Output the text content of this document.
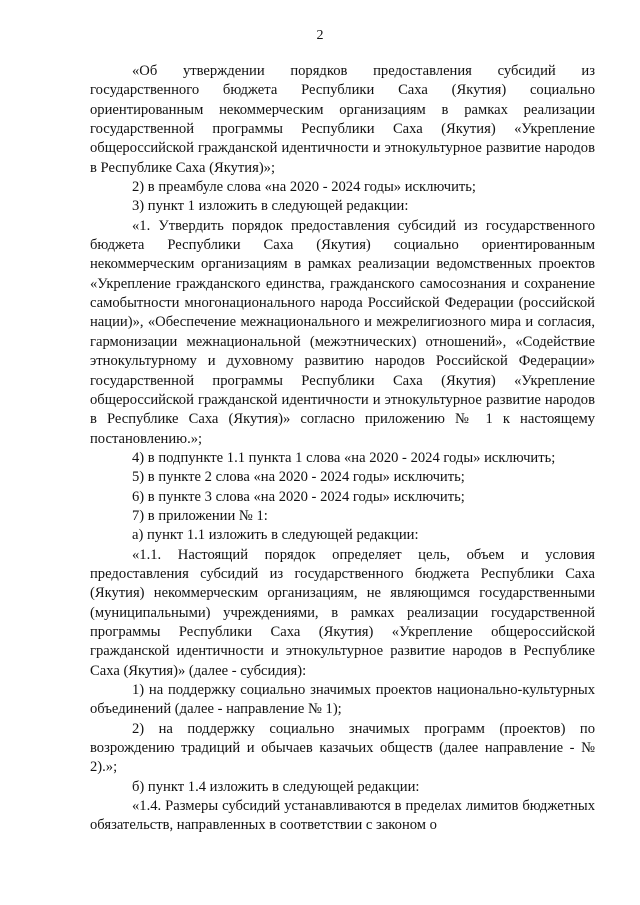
2

«Об утверждении порядков предоставления субсидий из государственного бюджета Республики Саха (Якутия) социально ориентированным некоммерческим организациям в рамках реализации государственной программы Республики Саха (Якутия) «Укрепление общероссийской гражданской идентичности и этнокультурное развитие народов в Республике Саха (Якутия)»;

2) в преамбуле слова «на 2020 - 2024 годы» исключить;

3) пункт 1 изложить в следующей редакции:

«1. Утвердить порядок предоставления субсидий из государственного бюджета Республики Саха (Якутия) социально ориентированным некоммерческим организациям в рамках реализации ведомственных проектов «Укрепление гражданского единства, гражданского самосознания и сохранение самобытности многонационального народа Российской Федерации (российской нации)», «Обеспечение межнационального и межрелигиозного мира и согласия, гармонизации межнациональной (межэтнических) отношений», «Содействие этнокультурному и духовному развитию народов Российской Федерации» государственной программы Республики Саха (Якутия) «Укрепление общероссийской гражданской идентичности и этнокультурное развитие народов в Республике Саха (Якутия)» согласно приложению № 1 к настоящему постановлению.»;

4) в подпункте 1.1 пункта 1 слова «на 2020 - 2024 годы» исключить;

5) в пункте 2 слова «на 2020 - 2024 годы» исключить;

6) в пункте 3 слова «на 2020 - 2024 годы» исключить;

7) в приложении № 1:

а) пункт 1.1 изложить в следующей редакции:

«1.1. Настоящий порядок определяет цель, объем и условия предоставления субсидий из государственного бюджета Республики Саха (Якутия) некоммерческим организациям, не являющимся государственными (муниципальными) учреждениями, в рамках реализации государственной программы Республики Саха (Якутия) «Укрепление общероссийской гражданской идентичности и этнокультурное развитие народов в Республике Саха (Якутия)» (далее - субсидия):

1) на поддержку социально значимых проектов национально-культурных объединений (далее - направление № 1);

2) на поддержку социально значимых программ (проектов) по возрождению традиций и обычаев казачьих обществ (далее направление - № 2).»;

б) пункт 1.4 изложить в следующей редакции:

«1.4. Размеры субсидий устанавливаются в пределах лимитов бюджетных обязательств, направленных в соответствии с законом о
